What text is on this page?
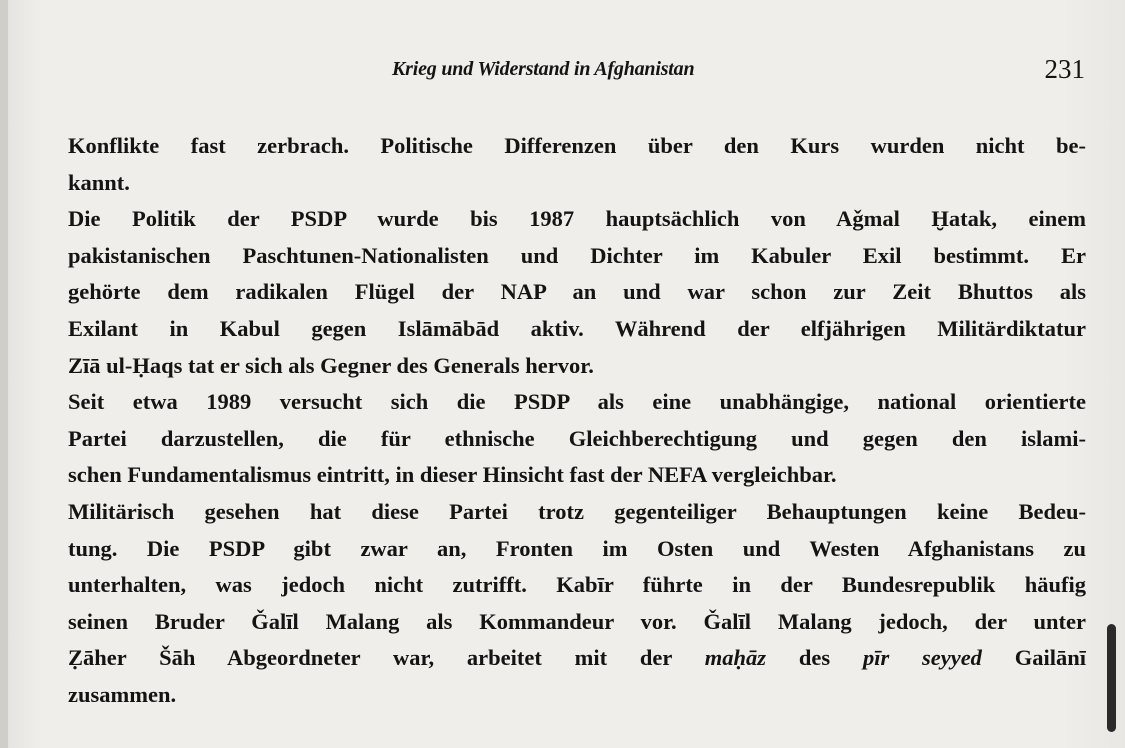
Krieg und Widerstand in Afghanistan	231
Konflikte fast zerbrach. Politische Differenzen über den Kurs wurden nicht be-
kannt.
Die Politik der PSDP wurde bis 1987 hauptsächlich von Aǧmal Ḫatak, einem
pakistanischen Paschtunen-Nationalisten und Dichter im Kabuler Exil bestimmt. Er
gehörte dem radikalen Flügel der NAP an und war schon zur Zeit Bhuttos als
Exilant in Kabul gegen Islāmābād aktiv. Während der elfjährigen Militärdiktatur
Zīā ul-Ḥaqs tat er sich als Gegner des Generals hervor.
Seit etwa 1989 versucht sich die PSDP als eine unabhängige, national orientierte
Partei darzustellen, die für ethnische Gleichberechtigung und gegen den islami-
schen Fundamentalismus eintritt, in dieser Hinsicht fast der NEFA vergleichbar.
Militärisch gesehen hat diese Partei trotz gegenteiliger Behauptungen keine Bedeu-
tung. Die PSDP gibt zwar an, Fronten im Osten und Westen Afghanistans zu
unterhalten, was jedoch nicht zutrifft. Kabīr führte in der Bundesrepublik häufig
seinen Bruder Ǧalīl Malang als Kommandeur vor. Ǧalīl Malang jedoch, der unter
Ẓāher Šāh Abgeordneter war, arbeitet mit der maḥāz des pīr seyyed Gailānī
zusammen.
